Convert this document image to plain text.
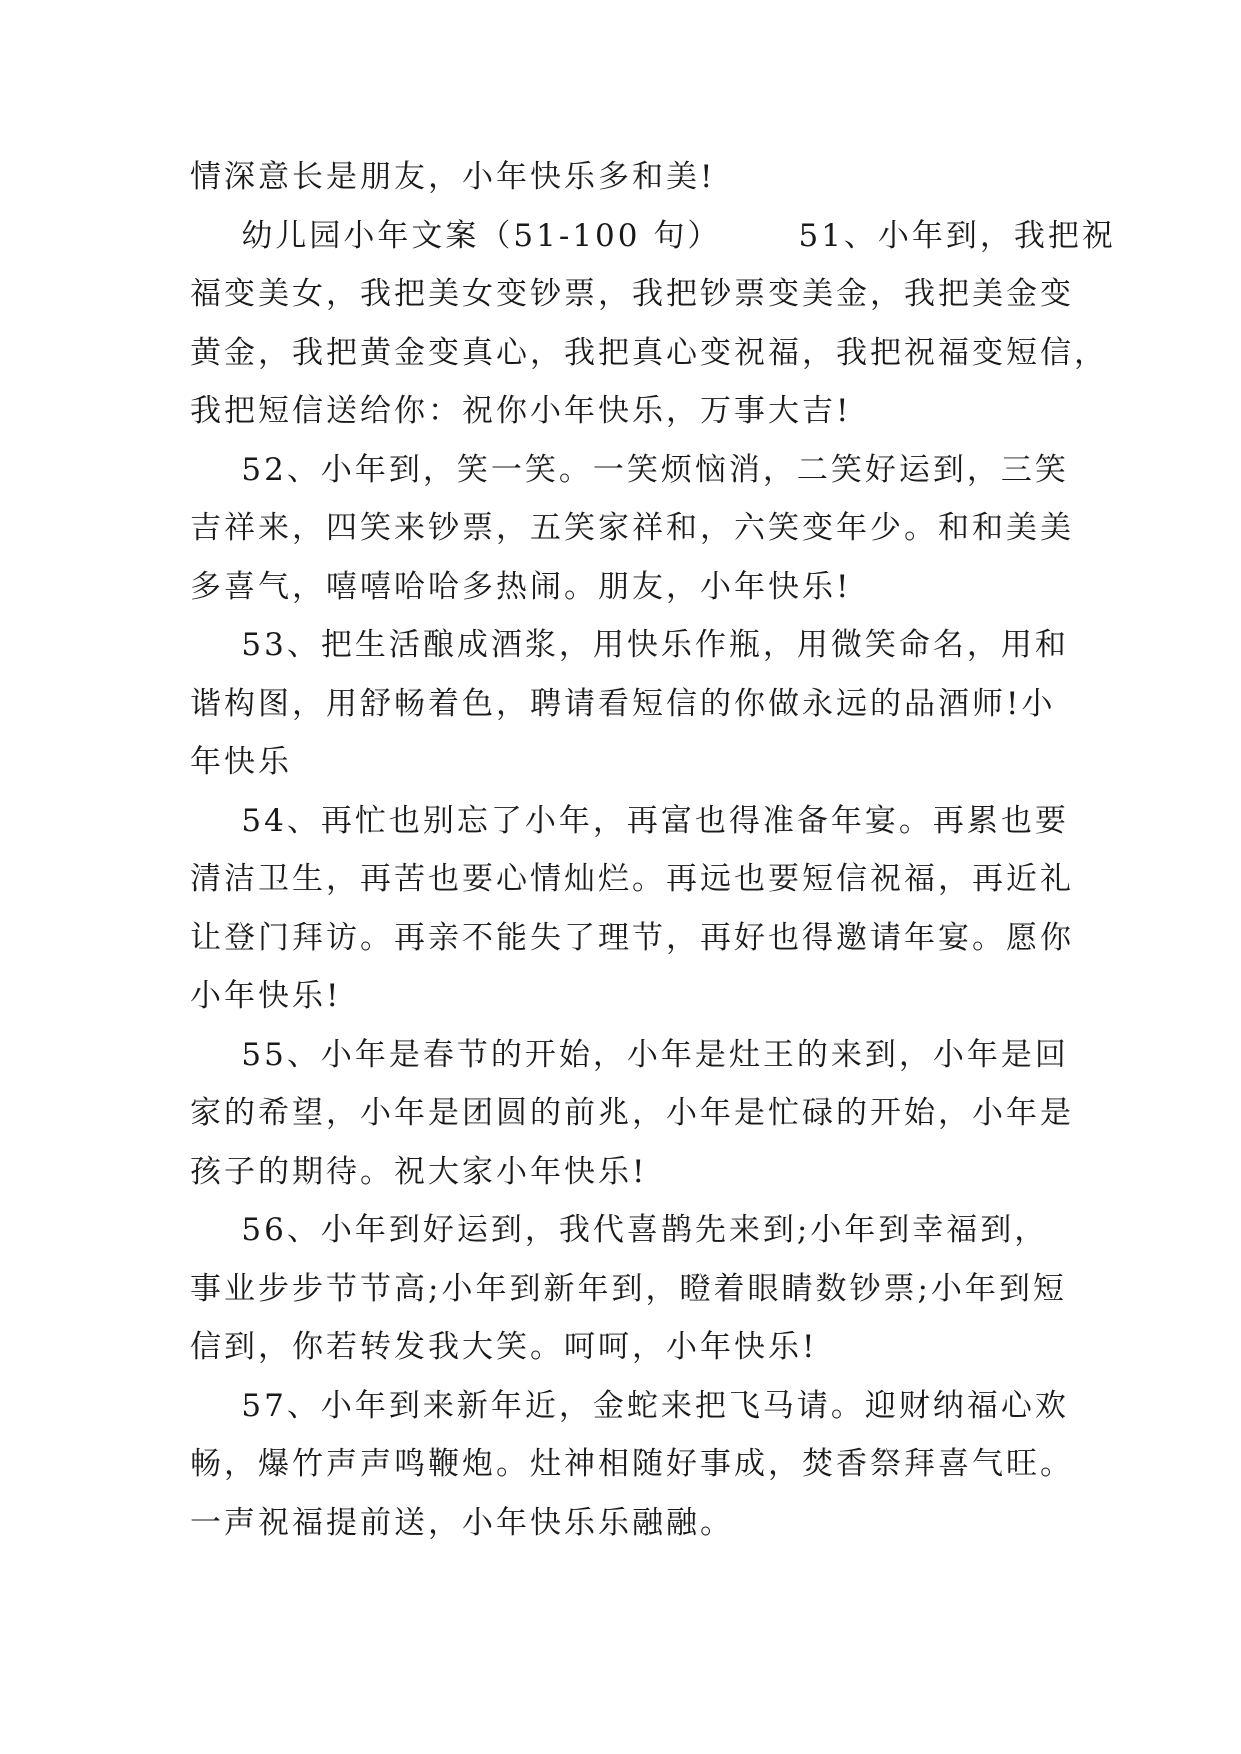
情深意长是朋友，小年快乐多和美!
幼儿园小年文案（51-100 句）      51、小年到，我把祝
福变美女，我把美女变钞票，我把钞票变美金，我把美金变
黄金，我把黄金变真心，我把真心变祝福，我把祝福变短信，
我把短信送给你：祝你小年快乐，万事大吉!
52、小年到，笑一笑。一笑烦恼消，二笑好运到，三笑
吉祥来，四笑来钞票，五笑家祥和，六笑变年少。和和美美
多喜气，嘻嘻哈哈多热闹。朋友，小年快乐!
53、把生活酿成酒浆，用快乐作瓶，用微笑命名，用和
谐构图，用舒畅着色，聘请看短信的你做永远的品酒师!小
年快乐
54、再忙也别忘了小年，再富也得准备年宴。再累也要
清洁卫生，再苦也要心情灿烂。再远也要短信祝福，再近礼
让登门拜访。再亲不能失了理节，再好也得邀请年宴。愿你
小年快乐!
55、小年是春节的开始，小年是灶王的来到，小年是回
家的希望，小年是团圆的前兆，小年是忙碌的开始，小年是
孩子的期待。祝大家小年快乐!
56、小年到好运到，我代喜鹊先来到;小年到幸福到，
事业步步节节高;小年到新年到，瞪着眼睛数钞票;小年到短
信到，你若转发我大笑。呵呵，小年快乐!
57、小年到来新年近，金蛇来把飞马请。迎财纳福心欢
畅，爆竹声声鸣鞭炮。灶神相随好事成，焚香祭拜喜气旺。
一声祝福提前送，小年快乐乐融融。
